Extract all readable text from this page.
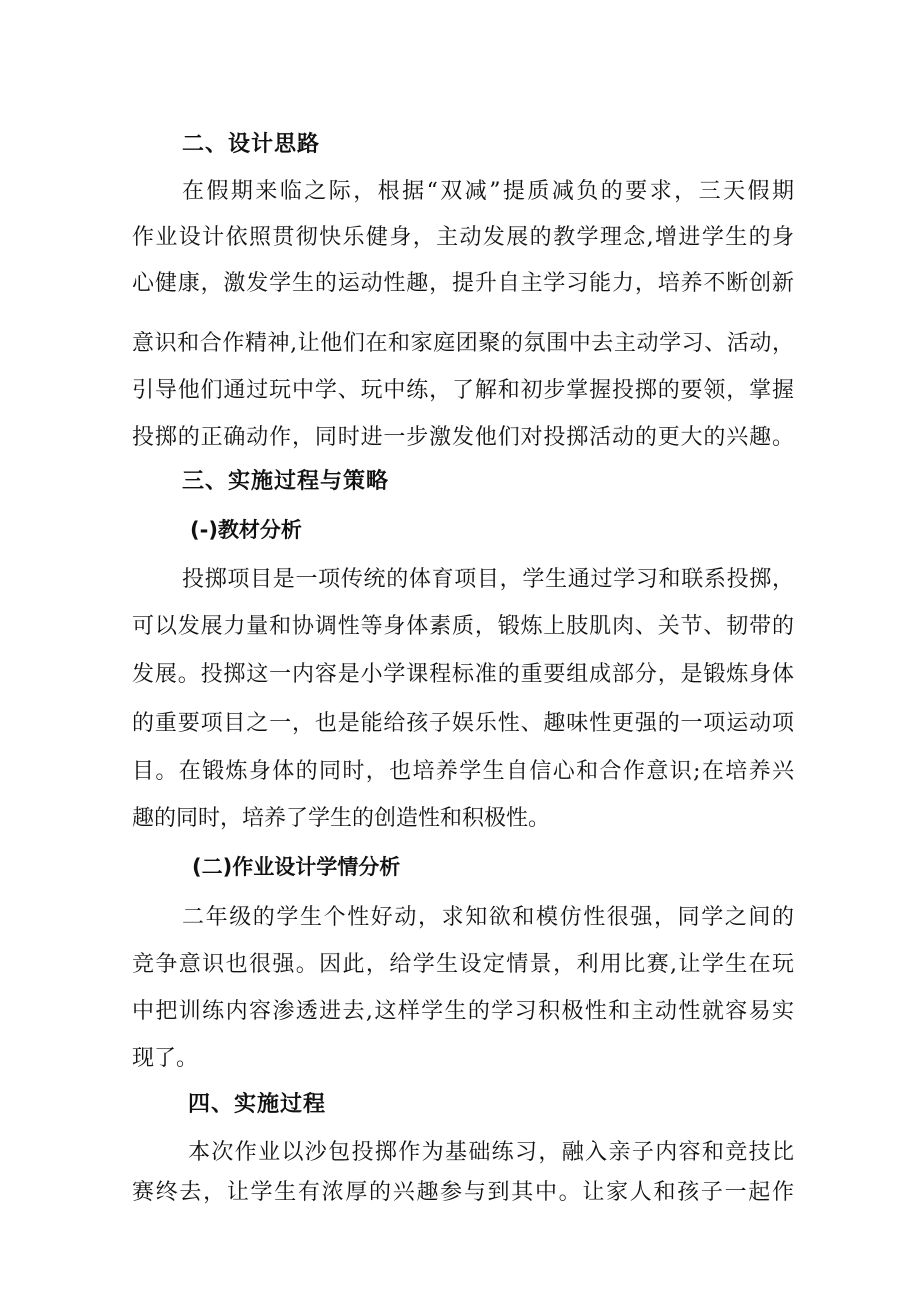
二、设计思路
在假期来临之际，根据“双减”提质减负的要求，三天假期
作业设计依照贯彻快乐健身，主动发展的教学理念,增进学生的身
心健康，激发学生的运动性趣，提升自主学习能力，培养不断创新
意识和合作精神,让他们在和家庭团聚的氛围中去主动学习、活动，
引导他们通过玩中学、玩中练，了解和初步掌握投掷的要领，掌握
投掷的正确动作，同时进一步激发他们对投掷活动的更大的兴趣。
三、实施过程与策略
(-)教材分析
投掷项目是一项传统的体育项目，学生通过学习和联系投掷，
可以发展力量和协调性等身体素质，锻炼上肢肌肉、关节、韧带的
发展。投掷这一内容是小学课程标准的重要组成部分，是锻炼身体
的重要项目之一，也是能给孩子娱乐性、趣味性更强的一项运动项
目。在锻炼身体的同时，也培养学生自信心和合作意识;在培养兴
趣的同时，培养了学生的创造性和积极性。
(二)作业设计学情分析
二年级的学生个性好动，求知欲和模仿性很强，同学之间的
竞争意识也很强。因此，给学生设定情景，利用比赛,让学生在玩
中把训练内容渗透进去,这样学生的学习积极性和主动性就容易实
现了。
四、实施过程
本次作业以沙包投掷作为基础练习，融入亲子内容和竞技比
赛终去，让学生有浓厚的兴趣参与到其中。让家人和孩子一起作
